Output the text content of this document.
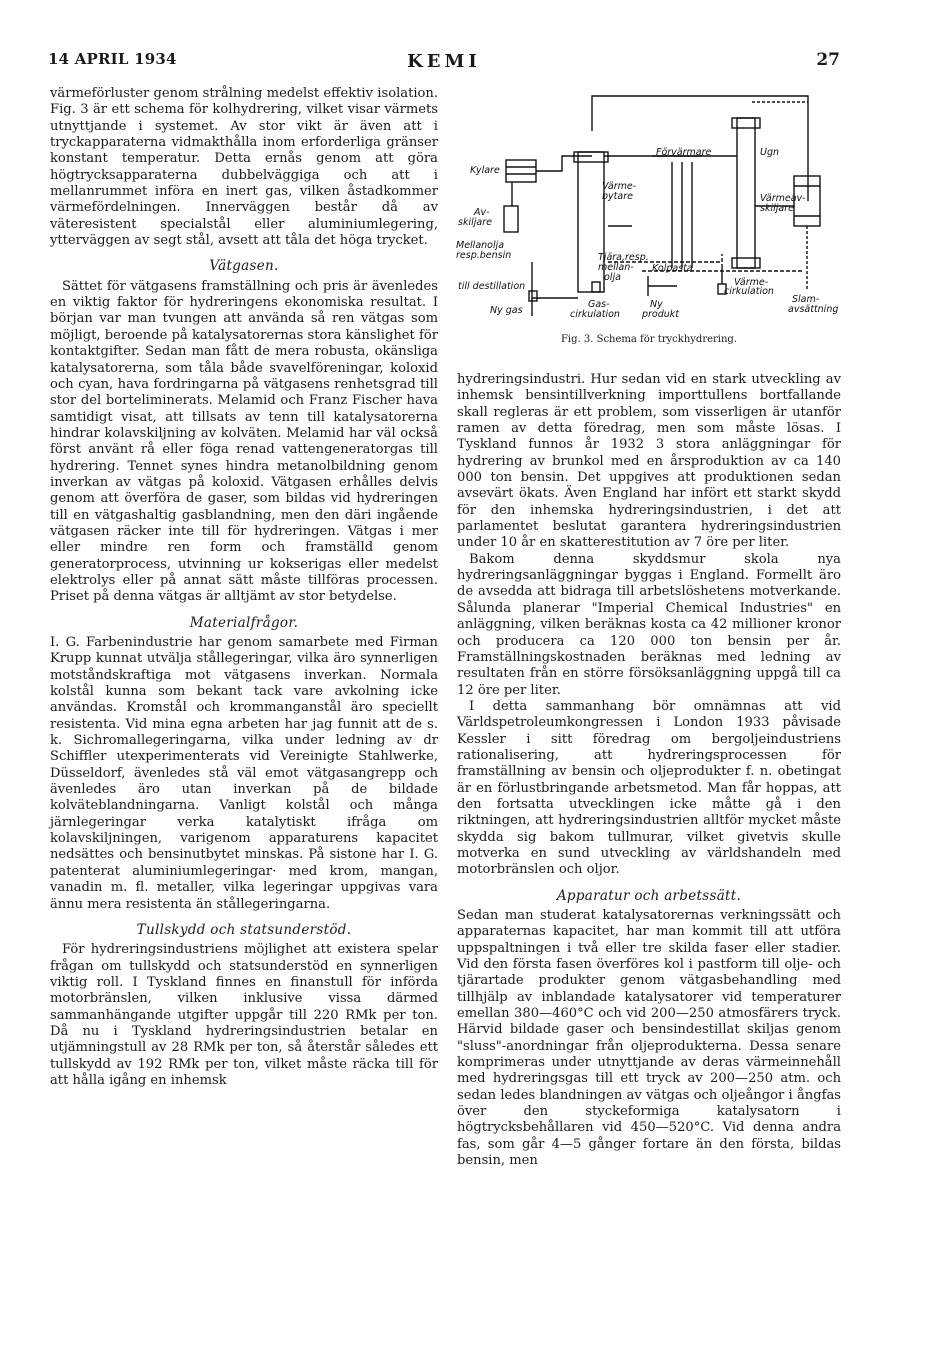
14 APRIL 1934	KEMI	27

värmeförluster genom strålning medelst effektiv isolation. Fig. 3 är ett schema för kolhydrering, vilket visar värmets utnyttjande i systemet. Av stor vikt är även att i tryckapparaterna vidmakthålla inom erforderliga gränser konstant temperatur. Detta ernås genom att göra högtrycksapparaterna dubbelväggiga och att i mellanrummet införa en inert gas, vilken åstadkommer värmefördelningen. Innerväggen består då av väteresistent specialstål eller aluminiumlegering, ytterväggen av segt stål, avsett att tåla det höga trycket.

Vätgasen.

Sättet för vätgasens framställning och pris är ävenledes en viktig faktor för hydreringens ekonomiska resultat. I början var man tvungen att använda så ren vätgas som möjligt, beroende på katalysatorernas stora känslighet för kontaktgifter. Sedan man fått de mera robusta, okänsliga katalysatorerna, som tåla både svavelföreningar, koloxid och cyan, hava fordringarna på vätgasens renhetsgrad till stor del borteliminerats. Melamid och Franz Fischer hava samtidigt visat, att tillsats av tenn till katalysatorerna hindrar kolavskiljning av kolväten. Melamid har väl också först använt rå eller föga renad vattengeneratorgas till hydrering. Tennet synes hindra metanolbildning genom inverkan av vätgas på koloxid. Vätgasen erhålles delvis genom att överföra de gaser, som bildas vid hydreringen till en vätgashaltig gasblandning, men den däri ingående vätgasen räcker inte till för hydreringen. Vätgas i mer eller mindre ren form och framställd genom generatorprocess, utvinning ur kokserigas eller medelst elektrolys eller på annat sätt måste tillföras processen. Priset på denna vätgas är alltjämt av stor betydelse.

Materialfrågor.

I. G. Farbenindustrie har genom samarbete med Firman Krupp kunnat utvälja stållegeringar, vilka äro synnerligen motståndskraftiga mot vätgasens inverkan. Normala kolstål kunna som bekant tack vare avkolning icke användas. Kromstål och krommanganstål äro speciellt resistenta. Vid mina egna arbeten har jag funnit att de s. k. Sichromallegeringarna, vilka under ledning av dr Schiffler utexperimenterats vid Vereinigte Stahlwerke, Düsseldorf, ävenledes stå väl emot vätgasangrepp och ävenledes äro utan inverkan på de bildade kolväteblandningarna. Vanligt kolstål och många järnlegeringar verka katalytiskt ifråga om kolavskiljningen, varigenom apparaturens kapacitet nedsättes och bensinutbytet minskas. På sistone har I. G. patenterat aluminiumlegeringar· med krom, mangan, vanadin m. fl. metaller, vilka legeringar uppgivas vara ännu mera resistenta än stållegeringarna.

Tullskydd och statsunderstöd.

För hydreringsindustriens möjlighet att existera spelar frågan om tullskydd och statsunderstöd en synnerligen viktig roll. I Tyskland finnes en finanstull för införda motorbränslen, vilken inklusive vissa därmed sammanhängande utgifter uppgår till 220 RMk per ton. Då nu i Tyskland hydreringsindustrien betalar en utjämningstull av 28 RMk per ton, så återstår således ett tullskydd av 192 RMk per ton, vilket måste räcka till för att hålla igång en inhemsk

Kylare
Av-
skiljare
Mellanolja
resp.bensin
till destillation
Ny gas
Värme-
bytare
Förvärmare	Ugn
Värmeav-
skiljare
Tjära,resp.
mellan-
olja
Kolpasta
Värme-
cirkulation
Slam-
avsättning
Gas-
cirkulation
Ny
produkt
Fig. 3. Schema för tryckhydrering.

hydreringsindustri. Hur sedan vid en stark utveckling av inhemsk bensintillverkning importtullens bortfallande skall regleras är ett problem, som visserligen är utanför ramen av detta föredrag, men som måste lösas. I Tyskland funnos år 1932 3 stora anläggningar för hydrering av brunkol med en årsproduktion av ca 140 000 ton bensin. Det uppgives att produktionen sedan avsevärt ökats. Även England har infört ett starkt skydd för den inhemska hydreringsindustrien, i det att parlamentet beslutat garantera hydreringsindustrien under 10 år en skatterestitution av 7 öre per liter.

Bakom denna skyddsmur skola nya hydreringsanläggningar byggas i England. Formellt äro de avsedda att bidraga till arbetslöshetens motverkande. Sålunda planerar "Imperial Chemical Industries" en anläggning, vilken beräknas kosta ca 42 millioner kronor och producera ca 120 000 ton bensin per år. Framställningskostnaden beräknas med ledning av resultaten från en större försöksanläggning uppgå till ca 12 öre per liter.

I detta sammanhang bör omnämnas att vid Världspetroleumkongressen i London 1933 påvisade Kessler i sitt föredrag om bergoljeindustriens rationalisering, att hydreringsprocessen för framställning av bensin och oljeprodukter f. n. obetingat är en förlustbringande arbetsmetod. Man får hoppas, att den fortsatta utvecklingen icke måtte gå i den riktningen, att hydreringsindustrien alltför mycket måste skydda sig bakom tullmurar, vilket givetvis skulle motverka en sund utveckling av världshandeln med motorbränslen och oljor.

Apparatur och arbetssätt.

Sedan man studerat katalysatorernas verkningssätt och apparaternas kapacitet, har man kommit till att utföra uppspaltningen i två eller tre skilda faser eller stadier. Vid den första fasen överföres kol i pastform till olje- och tjärartade produkter genom vätgasbehandling med tillhjälp av inblandade katalysatorer vid temperaturer emellan 380—460°C och vid 200—250 atmosfärers tryck. Härvid bildade gaser och bensindestillat skiljas genom "sluss"-anordningar från oljeprodukterna. Dessa senare komprimeras under utnyttjande av deras värmeinnehåll med hydreringsgas till ett tryck av 200—250 atm. och sedan ledes blandningen av vätgas och oljeångor i ångfas över den styckeformiga katalysatorn i högtrycksbehållaren vid 450—520°C. Vid denna andra fas, som går 4—5 gånger fortare än den första, bildas bensin, men
